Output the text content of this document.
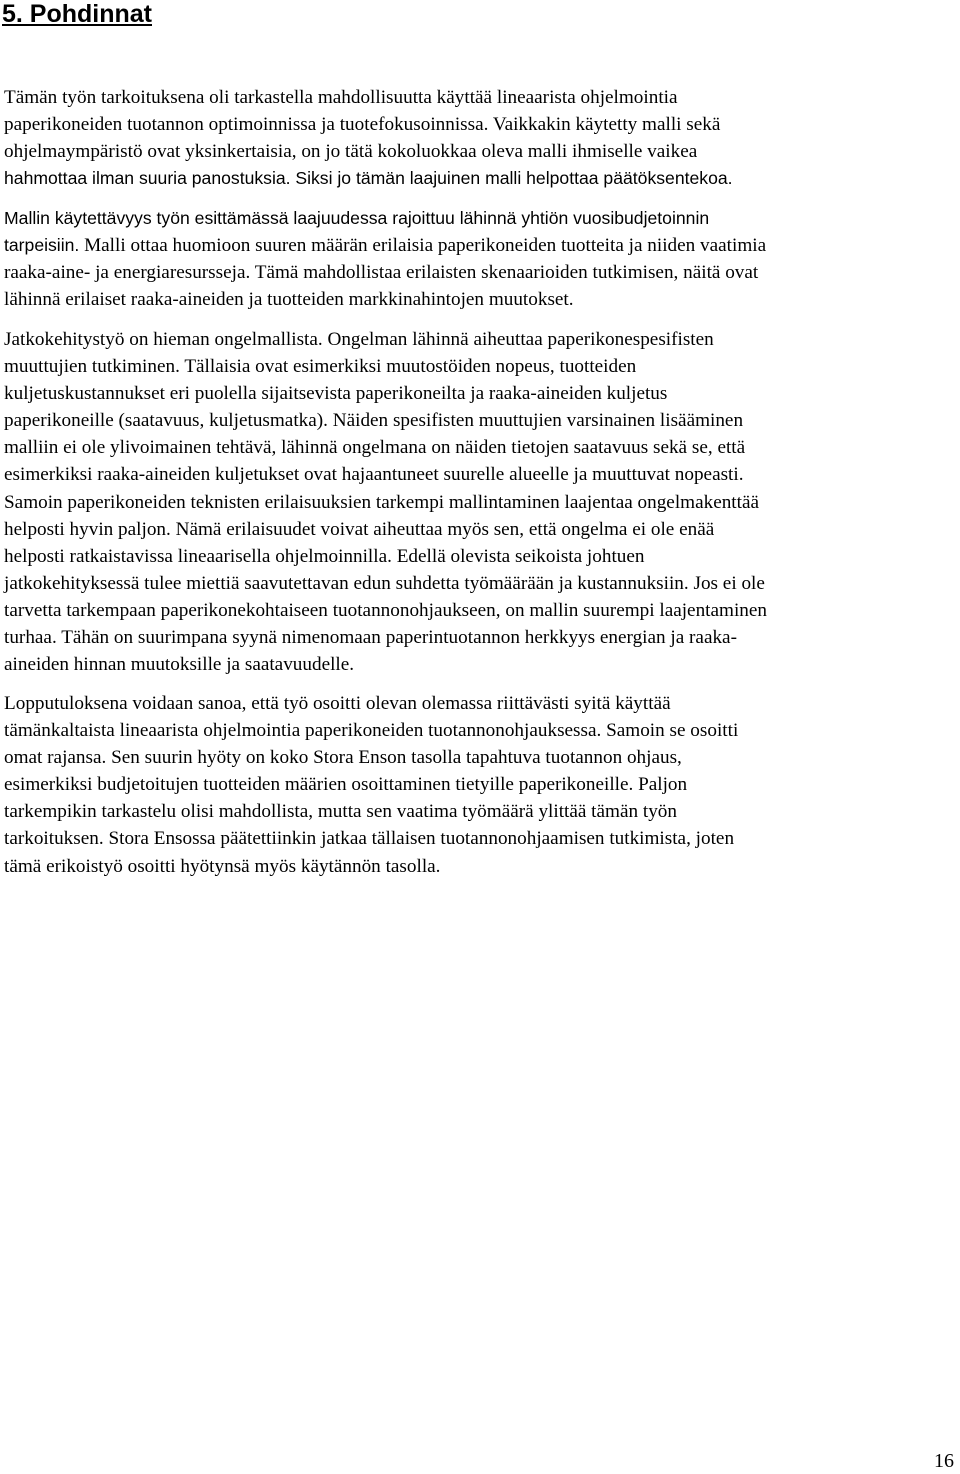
5. Pohdinnat

Tämän työn tarkoituksena oli tarkastella mahdollisuutta käyttää lineaarista ohjelmointia
paperikoneiden tuotannon optimoinnissa ja tuotefokusoinnissa. Vaikkakin käytetty malli sekä
ohjelmaympäristö ovat yksinkertaisia, on jo tätä kokoluokkaa oleva malli ihmiselle vaikea
hahmottaa ilman suuria panostuksia. Siksi jo tämän laajuinen malli helpottaa päätöksentekoa.

Mallin käytettävyys työn esittämässä laajuudessa rajoittuu lähinnä yhtiön vuosibudjetoinnin
tarpeisiin. Malli ottaa huomioon suuren määrän erilaisia paperikoneiden tuotteita ja niiden vaatimia
raaka-aine- ja energiaresursseja. Tämä mahdollistaa erilaisten skenaarioiden tutkimisen, näitä ovat
lähinnä erilaiset raaka-aineiden ja tuotteiden markkinahintojen muutokset.

Jatkokehitystyö on hieman ongelmallista. Ongelman lähinnä aiheuttaa paperikonespesifisten
muuttujien tutkiminen. Tällaisia ovat esimerkiksi muutostöiden nopeus, tuotteiden
kuljetuskustannukset eri puolella sijaitsevista paperikoneilta ja raaka-aineiden kuljetus
paperikoneille (saatavuus, kuljetusmatka). Näiden spesifisten muuttujien varsinainen lisääminen
malliin ei ole ylivoimainen tehtävä, lähinnä ongelmana on näiden tietojen saatavuus sekä se, että
esimerkiksi raaka-aineiden kuljetukset ovat hajaantuneet suurelle alueelle ja muuttuvat nopeasti.
Samoin paperikoneiden teknisten erilaisuuksien tarkempi mallintaminen laajentaa ongelmakenttää
helposti hyvin paljon. Nämä erilaisuudet voivat aiheuttaa myös sen, että ongelma ei ole enää
helposti ratkaistavissa lineaarisella ohjelmoinnilla. Edellä olevista seikoista johtuen
jatkokehityksessä tulee miettiä saavutettavan edun suhdetta työmäärään ja kustannuksiin. Jos ei ole
tarvetta tarkempaan paperikonekohtaiseen tuotannonohjaukseen, on mallin suurempi laajentaminen
turhaa. Tähän on suurimpana syynä nimenomaan paperintuotannon herkkyys energian ja raaka-
aineiden hinnan muutoksille ja saatavuudelle.

Lopputuloksena voidaan sanoa, että työ osoitti olevan olemassa riittävästi syitä käyttää
tämänkaltaista lineaarista ohjelmointia paperikoneiden tuotannonohjauksessa. Samoin se osoitti
omat rajansa. Sen suurin hyöty on koko Stora Enson tasolla tapahtuva tuotannon ohjaus,
esimerkiksi budjetoitujen tuotteiden määrien osoittaminen tietyille paperikoneille. Paljon
tarkempikin tarkastelu olisi mahdollista, mutta sen vaatima työmäärä ylittää tämän työn
tarkoituksen. Stora Ensossa päätettiinkin jatkaa tällaisen tuotannonohjaamisen tutkimista, joten
tämä erikoistyö osoitti hyötynsä myös käytännön tasolla.

16
